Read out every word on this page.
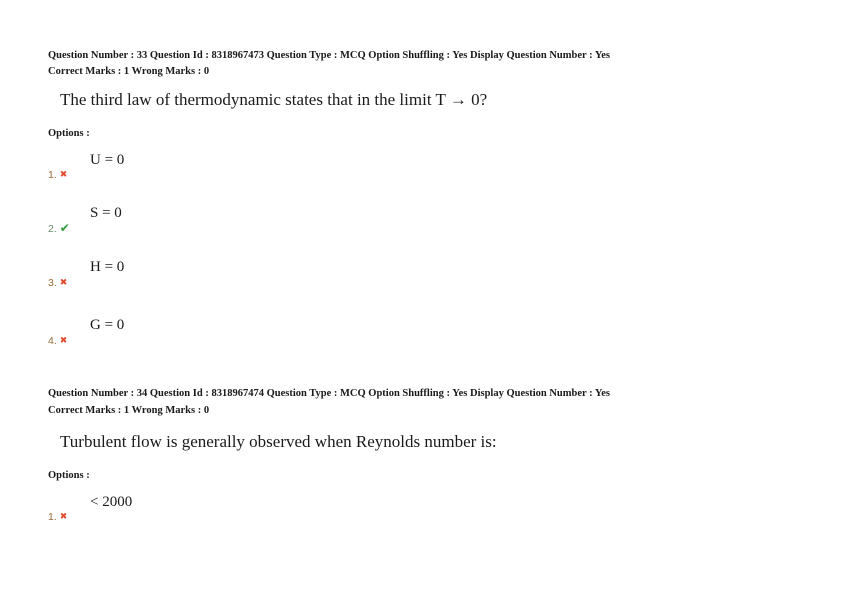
Question Number : 33 Question Id : 8318967473 Question Type : MCQ Option Shuffling : Yes Display Question Number : Yes
Correct Marks : 1 Wrong Marks : 0
The third law of thermodynamic states that in the limit T → 0?
Options :
U = 0
1. ✖
S = 0
2. ✔
H = 0
3. ✖
G = 0
4. ✖
Question Number : 34 Question Id : 8318967474 Question Type : MCQ Option Shuffling : Yes Display Question Number : Yes
Correct Marks : 1 Wrong Marks : 0
Turbulent flow is generally observed when Reynolds number is:
Options :
< 2000
1. ✖
